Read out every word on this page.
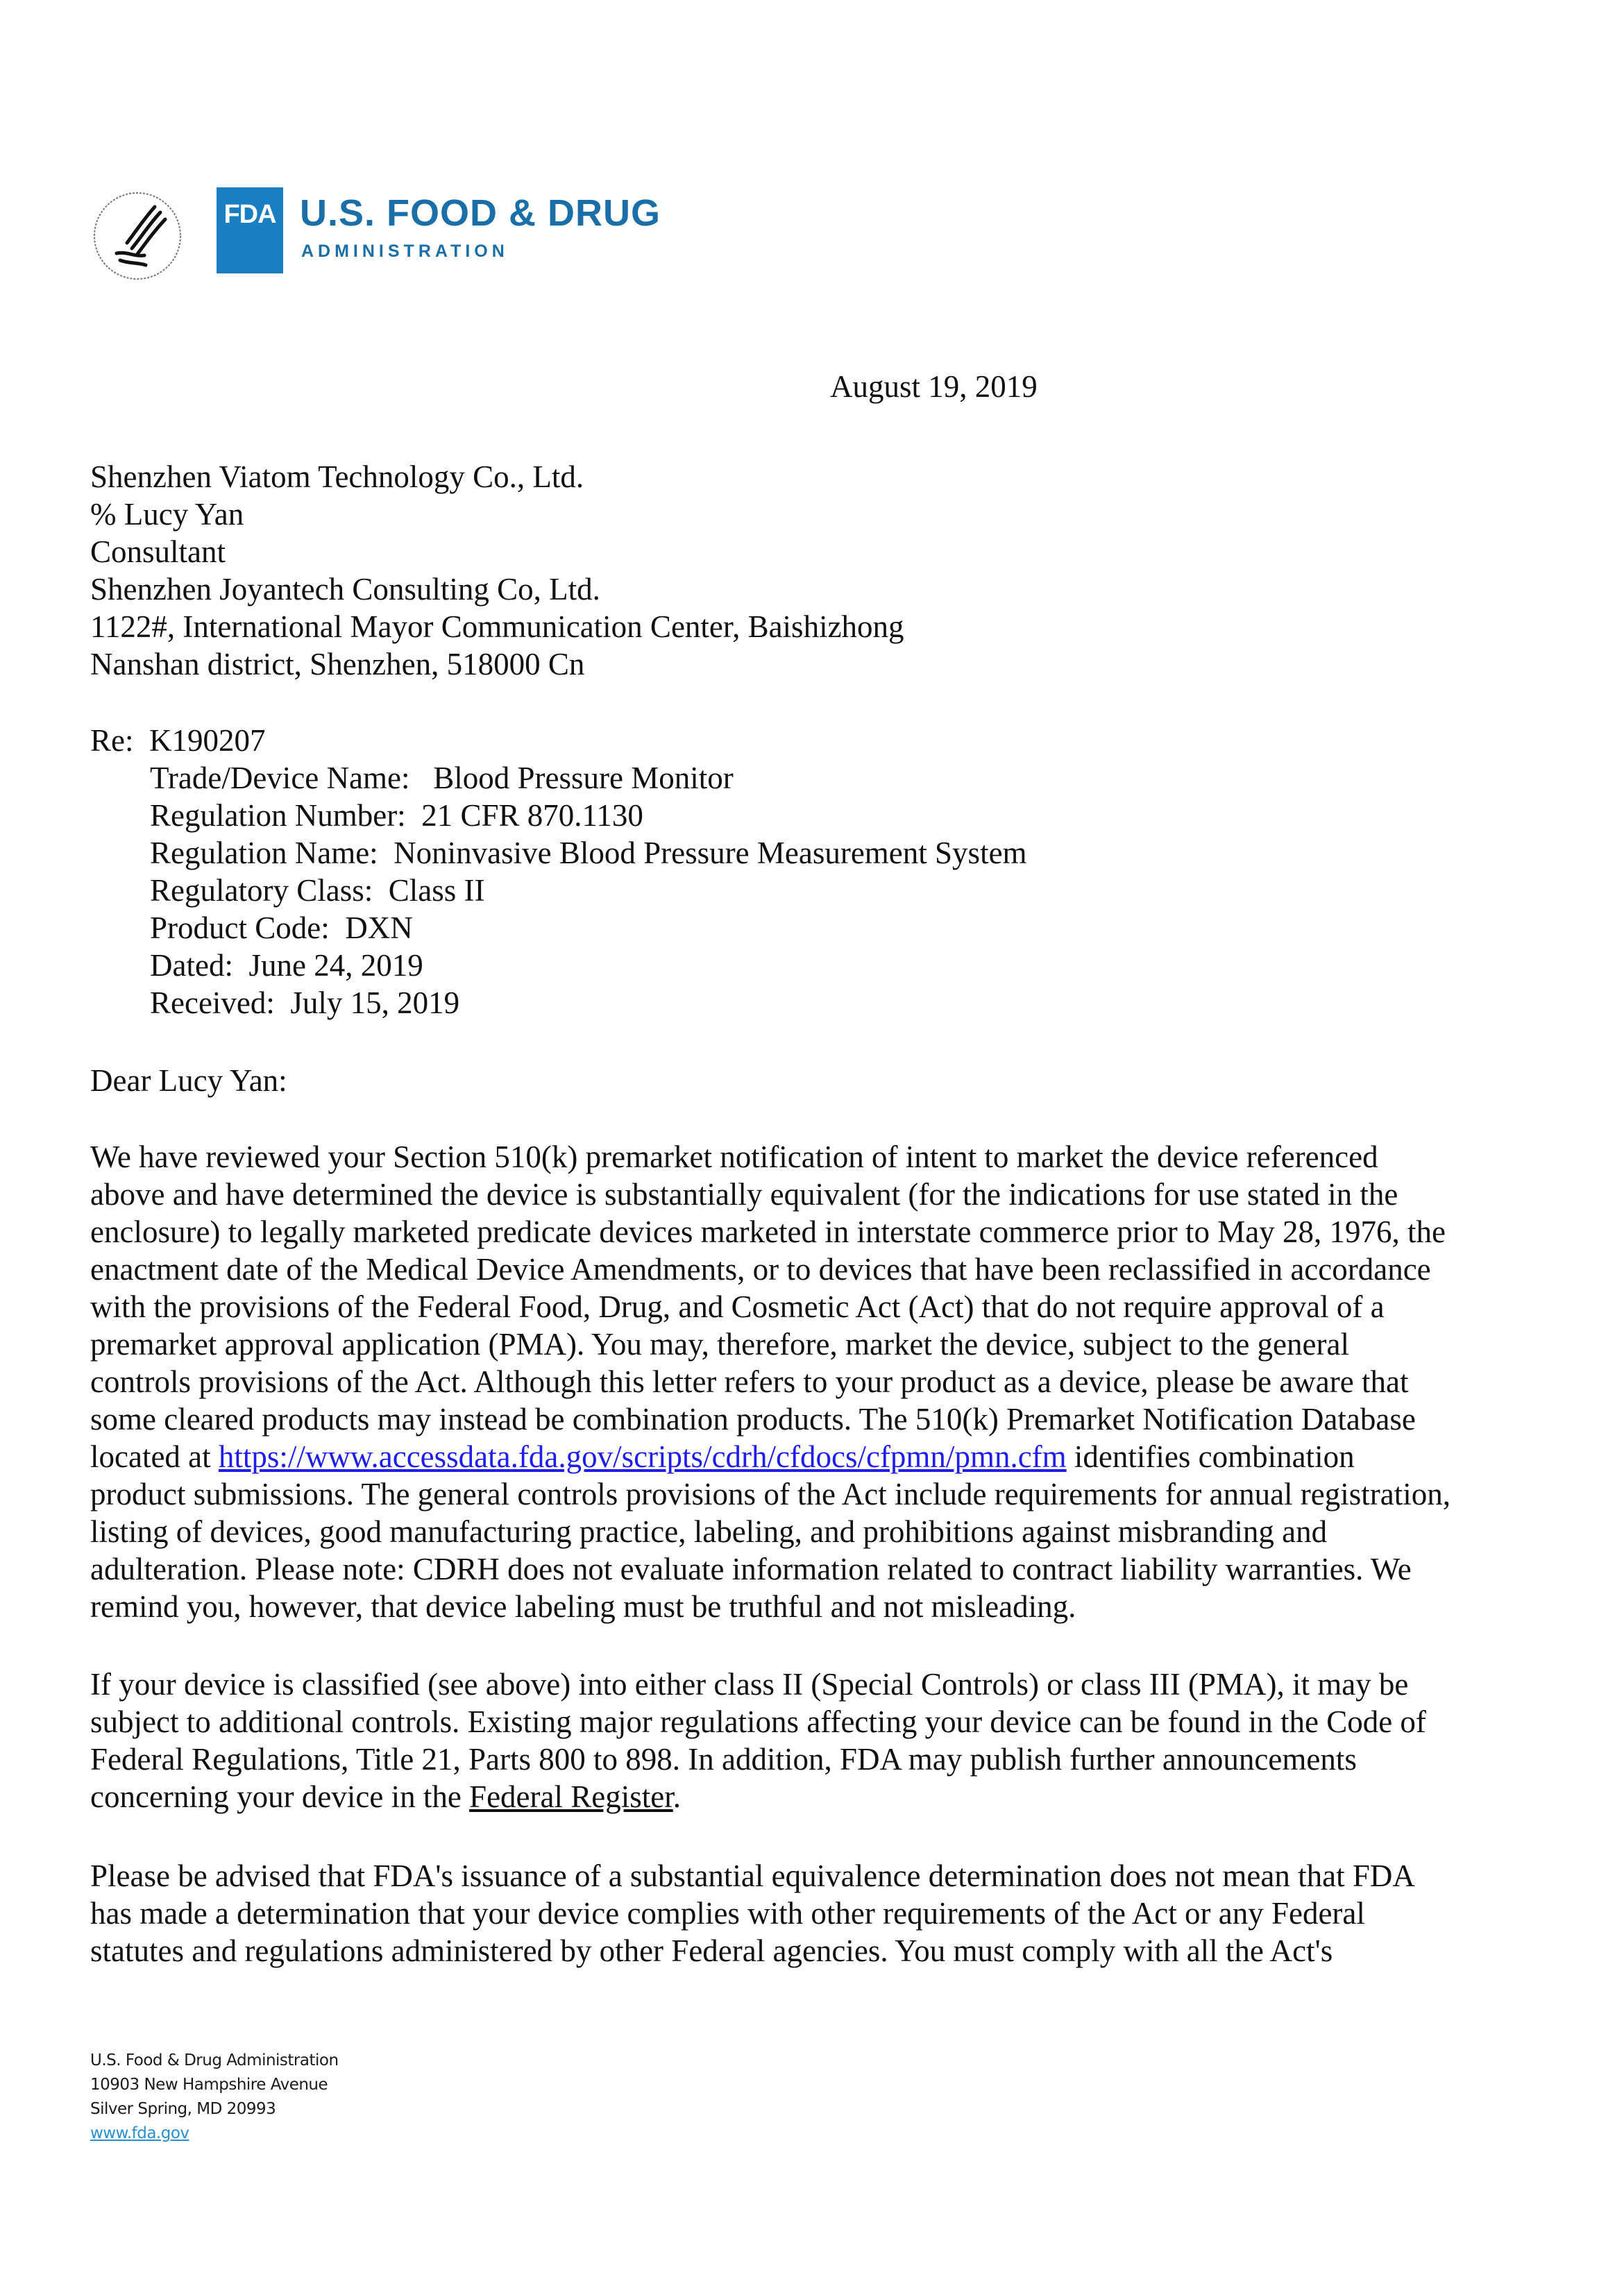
FDA U.S. FOOD & DRUG
ADMINISTRATION
August 19, 2019
Shenzhen Viatom Technology Co., Ltd.
% Lucy Yan
Consultant
Shenzhen Joyantech Consulting Co, Ltd.
1122#, International Mayor Communication Center, Baishizhong
Nanshan district, Shenzhen, 518000 Cn
Re: K190207
Trade/Device Name: Blood Pressure Monitor
Regulation Number: 21 CFR 870.1130
Regulation Name: Noninvasive Blood Pressure Measurement System
Regulatory Class: Class II
Product Code: DXN
Dated: June 24, 2019
Received: July 15, 2019
Dear Lucy Yan:
We have reviewed your Section 510(k) premarket notification of intent to market the device referenced
above and have determined the device is substantially equivalent (for the indications for use stated in the
enclosure) to legally marketed predicate devices marketed in interstate commerce prior to May 28, 1976, the
enactment date of the Medical Device Amendments, or to devices that have been reclassified in accordance
with the provisions of the Federal Food, Drug, and Cosmetic Act (Act) that do not require approval of a
premarket approval application (PMA). You may, therefore, market the device, subject to the general
controls provisions of the Act. Although this letter refers to your product as a device, please be aware that
some cleared products may instead be combination products. The 510(k) Premarket Notification Database
located at https://www.accessdata.fda.gov/scripts/cdrh/cfdocs/cfpmn/pmn.cfm identifies combination
product submissions. The general controls provisions of the Act include requirements for annual registration,
listing of devices, good manufacturing practice, labeling, and prohibitions against misbranding and
adulteration. Please note: CDRH does not evaluate information related to contract liability warranties. We
remind you, however, that device labeling must be truthful and not misleading.
If your device is classified (see above) into either class II (Special Controls) or class III (PMA), it may be
subject to additional controls. Existing major regulations affecting your device can be found in the Code of
Federal Regulations, Title 21, Parts 800 to 898. In addition, FDA may publish further announcements
concerning your device in the Federal Register.
Please be advised that FDA's issuance of a substantial equivalence determination does not mean that FDA
has made a determination that your device complies with other requirements of the Act or any Federal
statutes and regulations administered by other Federal agencies. You must comply with all the Act's
U.S. Food & Drug Administration
10903 New Hampshire Avenue
Silver Spring, MD 20993
www.fda.gov
